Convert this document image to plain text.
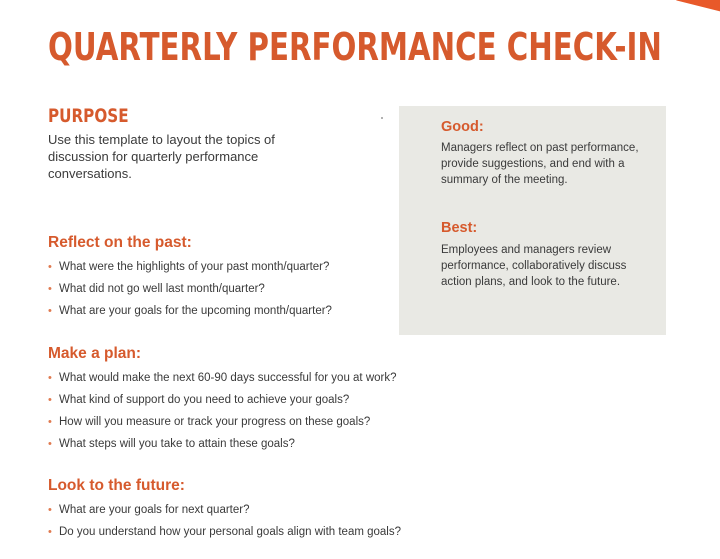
QUARTERLY PERFORMANCE CHECK-IN
PURPOSE

Use this template to layout the topics of discussion for quarterly performance conversations.

Reflect on the past:
• What were the highlights of your past month/quarter?
• What did not go well last month/quarter?
• What are your goals for the upcoming month/quarter?
Make a plan:
• What would make the next 60-90 days successful for you at work?
• What kind of support do you need to achieve your goals?
• How will you measure or track your progress on these goals?
• What steps will you take to attain these goals?
Look to the future:
• What are your goals for next quarter?
• Do you understand how your personal goals align with team goals?
Good:

Managers reflect on past performance, provide suggestions, and end with a summary of the meeting.

Best:

Employees and managers review performance, collaboratively discuss action plans, and look to the future.
